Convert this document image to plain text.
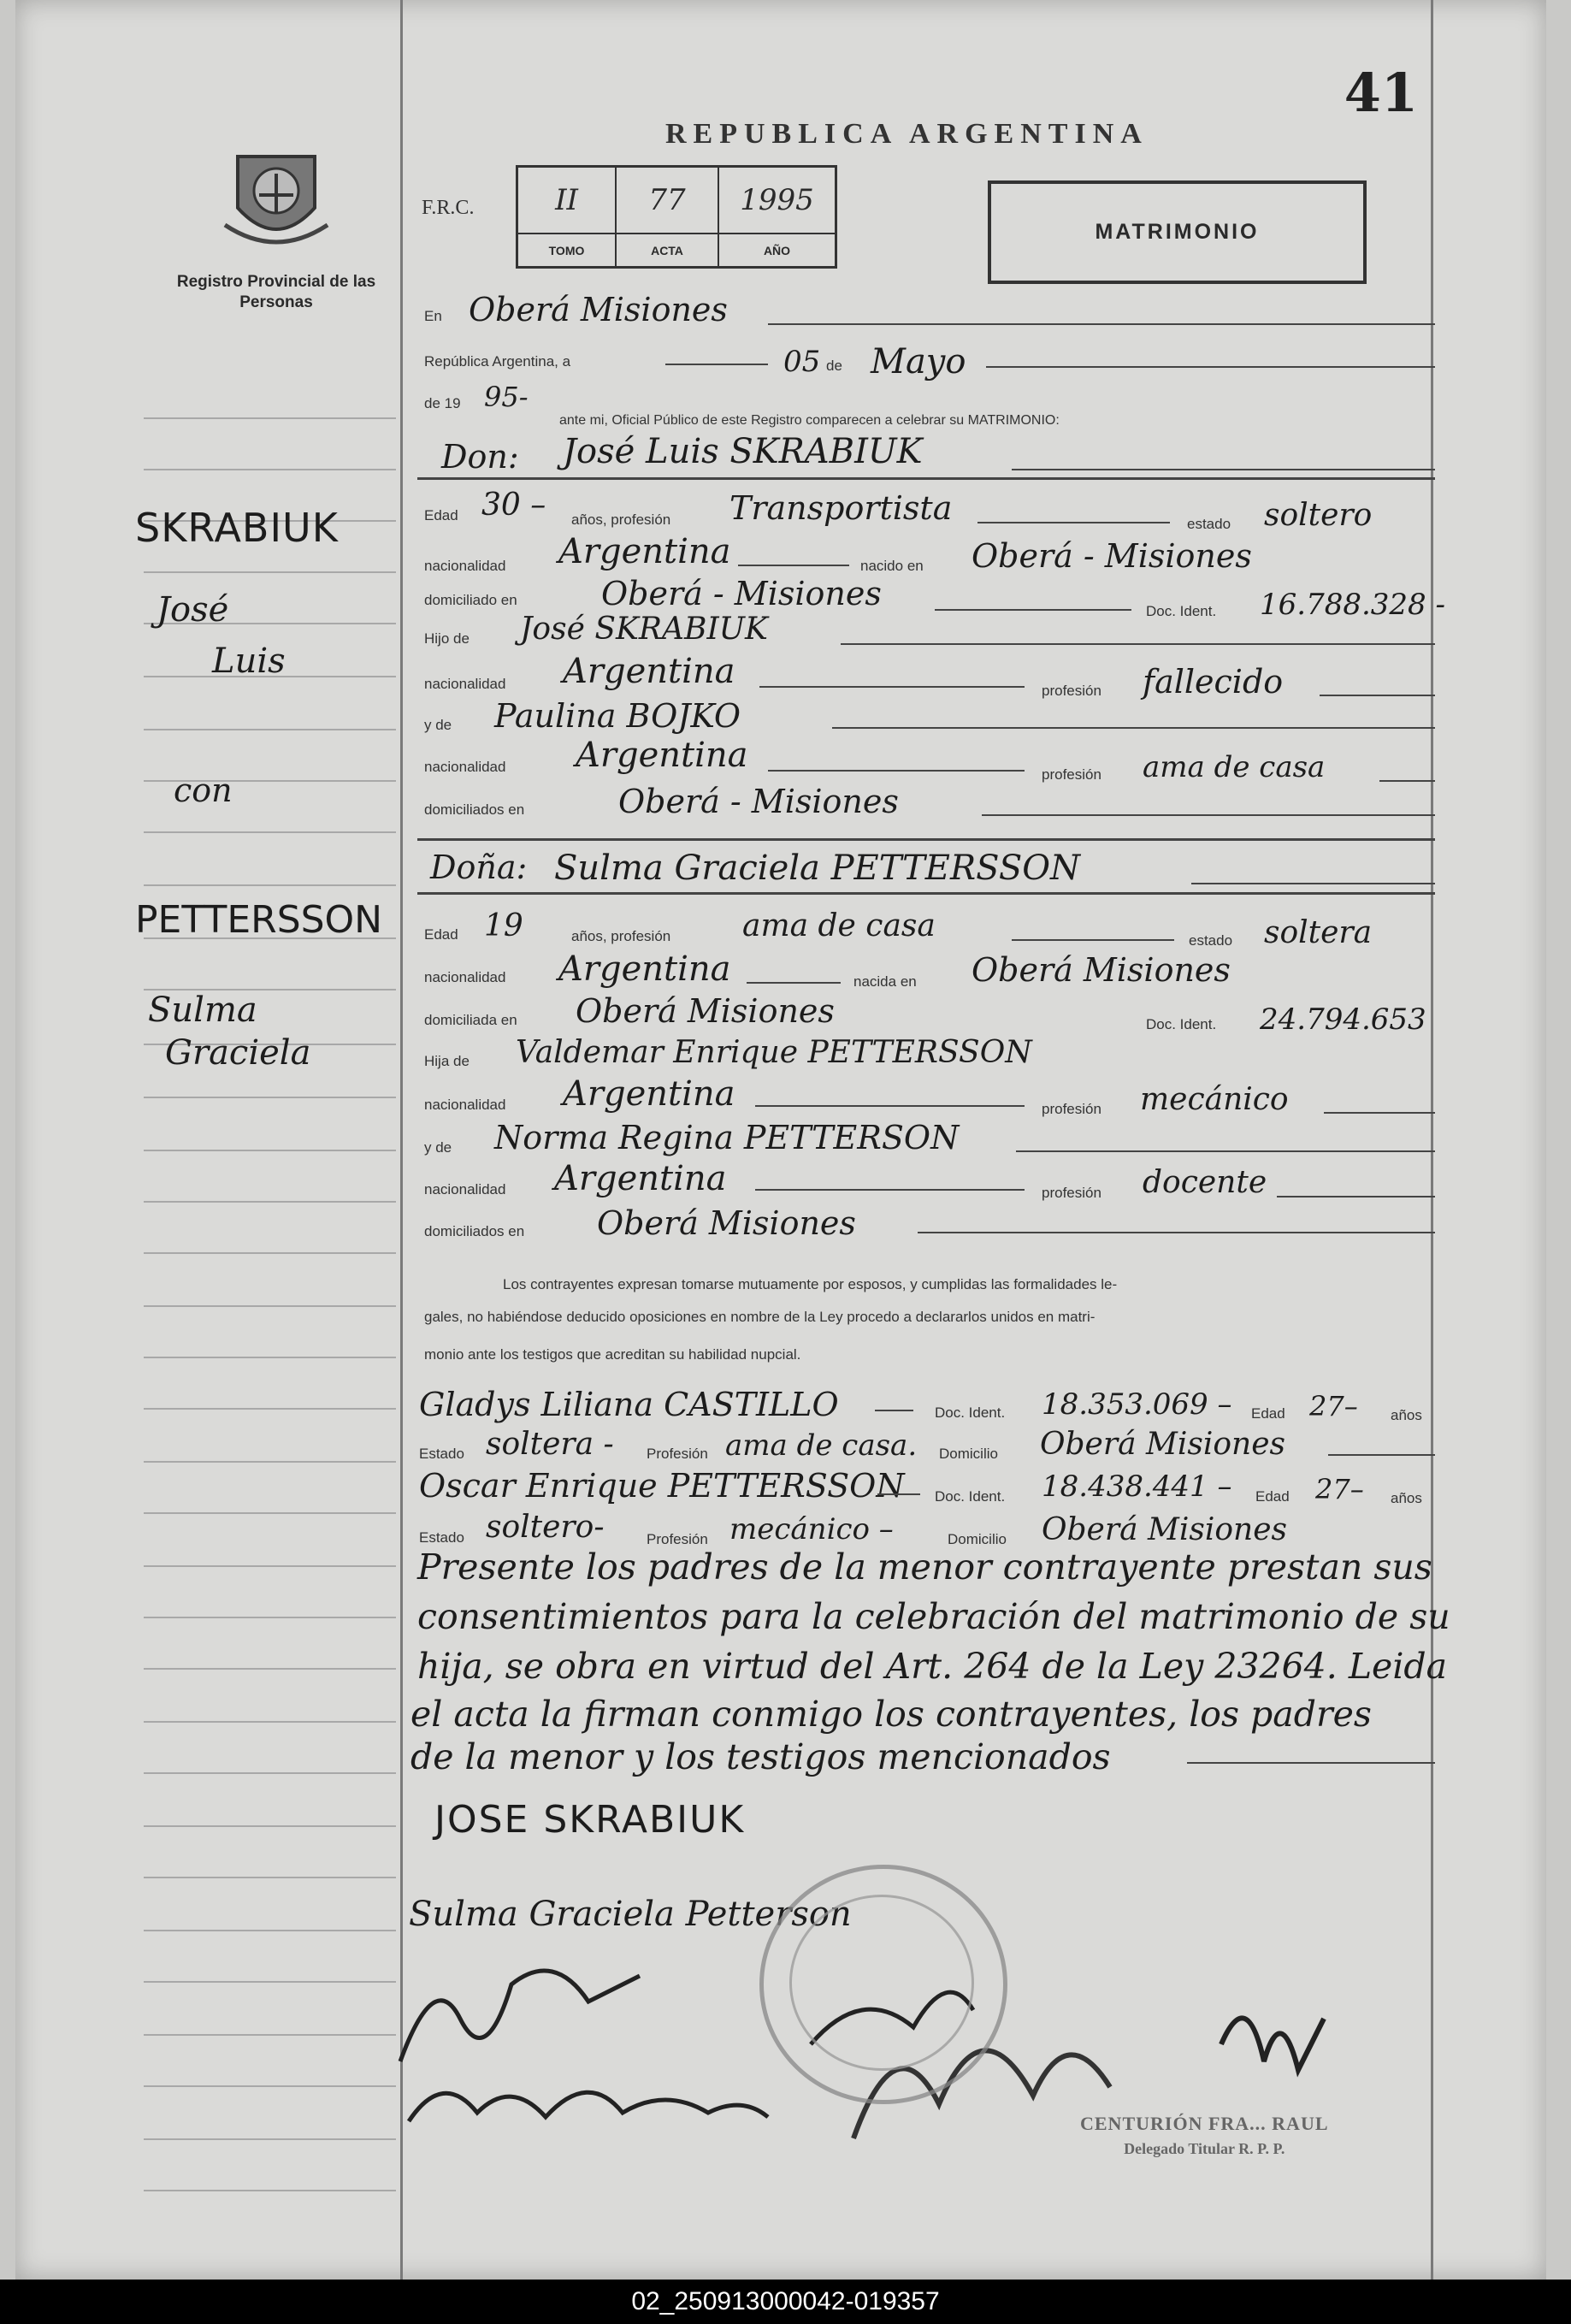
Registro Provincial de las Personas
SKRABIUK
José
Luis
con
PETTERSSON
Sulma
Graciela
41
REPUBLICA ARGENTINA
F.R.C.	II	77	1995
TOMO	ACTA	AÑO
MATRIMONIO
En Oberá Misiones
República Argentina, a	05 de Mayo
de 19 95-
ante mi, Oficial Público de este Registro comparecen a celebrar su MATRIMONIO:
Don: José Luis SKRABIUK
Edad 30 – años, profesión Transportista	estado soltero
nacionalidad Argentina	nacido en Oberá - Misiones
domiciliado en	Oberá - Misiones	Doc. Ident. 16.788.328 -
Hijo de José SKRABIUK
nacionalidad Argentina	profesión fallecido
y de Paulina BOJKO
nacionalidad Argentina	profesión ama de casa
domiciliados en	Oberá - Misiones
Doña: Sulma Graciela PETTERSSON
Edad 19	años, profesión ama de casa	estado soltera
nacionalidad Argentina	nacida en Oberá Misiones
domiciliada en Oberá Misiones	Doc. Ident. 24.794.653
Hija de Valdemar Enrique PETTERSSON
nacionalidad Argentina	profesión mecánico
y de Norma Regina PETTERSON
nacionalidad Argentina	profesión docente
domiciliados en Oberá Misiones
Los contrayentes expresan tomarse mutuamente por esposos, y cumplidas las formalidades le-
gales, no habiéndose deducido oposiciones en nombre de la Ley procedo a declararlos unidos en matri-
monio ante los testigos que acreditan su habilidad nupcial.
Gladys Liliana CASTILLO	Doc. Ident. 18.353.069 – Edad 27– años
Estado soltera - Profesión ama de casa. Domicilio Oberá Misiones
Oscar Enrique PETTERSSON Doc. Ident. 18.438.441 – Edad 27– años
Estado soltero-	Profesión mecánico –	Domicilio Oberá Misiones
Presente los padres de la menor contrayente prestan sus
consentimientos para la celebración del matrimonio de su
hija, se obra en virtud del Art. 264 de la Ley 23264. Leida
el acta la firman conmigo los contrayentes, los padres
de la menor y los testigos mencionados
JOSE SKRABIUK
Sulma Graciela Petterson
CENTURIÓN FRA... RAUL
Delegado Titular R. P. P.
02_250913000042-019357
